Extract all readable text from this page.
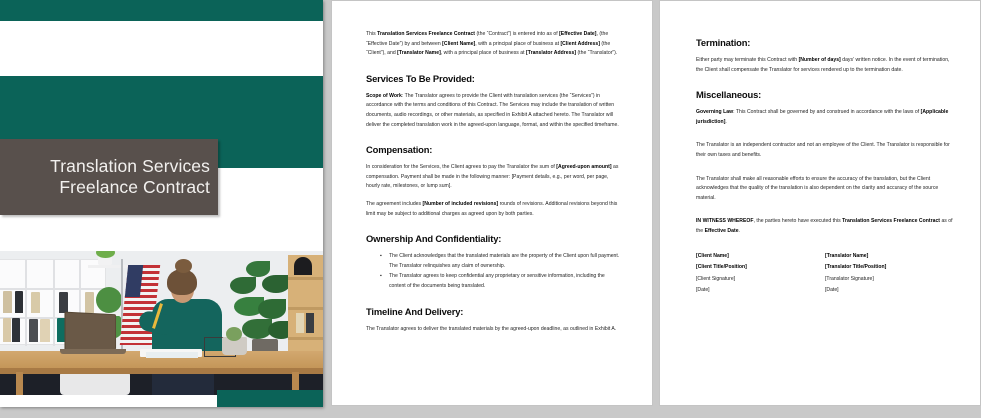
Translation Services
Freelance Contract

This Translation Services Freelance Contract (the “Contract”) is entered into as of [Effective Date], (the “Effective Date”) by and between [Client Name], with a principal place of business at [Client Address] (the “Client”), and [Translator Name], with a principal place of business at [Translator Address] (the “Translator”).

Services To Be Provided:

Scope of Work: The Translator agrees to provide the Client with translation services (the “Services”) in accordance with the terms and conditions of this Contract. The Services may include the translation of written documents, audio recordings, or other materials, as specified in Exhibit A attached hereto. The Translator will deliver the completed translation work in the agreed-upon language, format, and within the specified timeframe.

Compensation:

In consideration for the Services, the Client agrees to pay the Translator the sum of [Agreed-upon amount] as compensation. Payment shall be made in the following manner: [Payment details, e.g., per word, per page, hourly rate, milestones, or lump sum].

The agreement includes [Number of included revisions] rounds of revisions. Additional revisions beyond this limit may be subject to additional charges as agreed upon by both parties.

Ownership And Confidentiality:
▪ The Client acknowledges that the translated materials are the property of the Client upon full payment. The Translator relinquishes any claim of ownership.
▪ The Translator agrees to keep confidential any proprietary or sensitive information, including the content of the documents being translated.
Timeline And Delivery:

The Translator agrees to deliver the translated materials by the agreed-upon deadline, as outlined in Exhibit A.

Termination:

Either party may terminate this Contract with [Number of days] days’ written notice. In the event of termination, the Client shall compensate the Translator for services rendered up to the termination date.

Miscellaneous:

Governing Law: This Contract shall be governed by and construed in accordance with the laws of [Applicable jurisdiction].

The Translator is an independent contractor and not an employee of the Client. The Translator is responsible for their own taxes and benefits.

The Translator shall make all reasonable efforts to ensure the accuracy of the translation, but the Client acknowledges that the quality of the translation is also dependent on the clarity and accuracy of the source material.

IN WITNESS WHEREOF, the parties hereto have executed this Translation Services Freelance Contract as of the Effective Date.

[Client Name]
[Client Title/Position]
[Client Signature]
[Date]
[Translator Name]
[Translator Title/Position]
[Translator Signature]
[Date]
